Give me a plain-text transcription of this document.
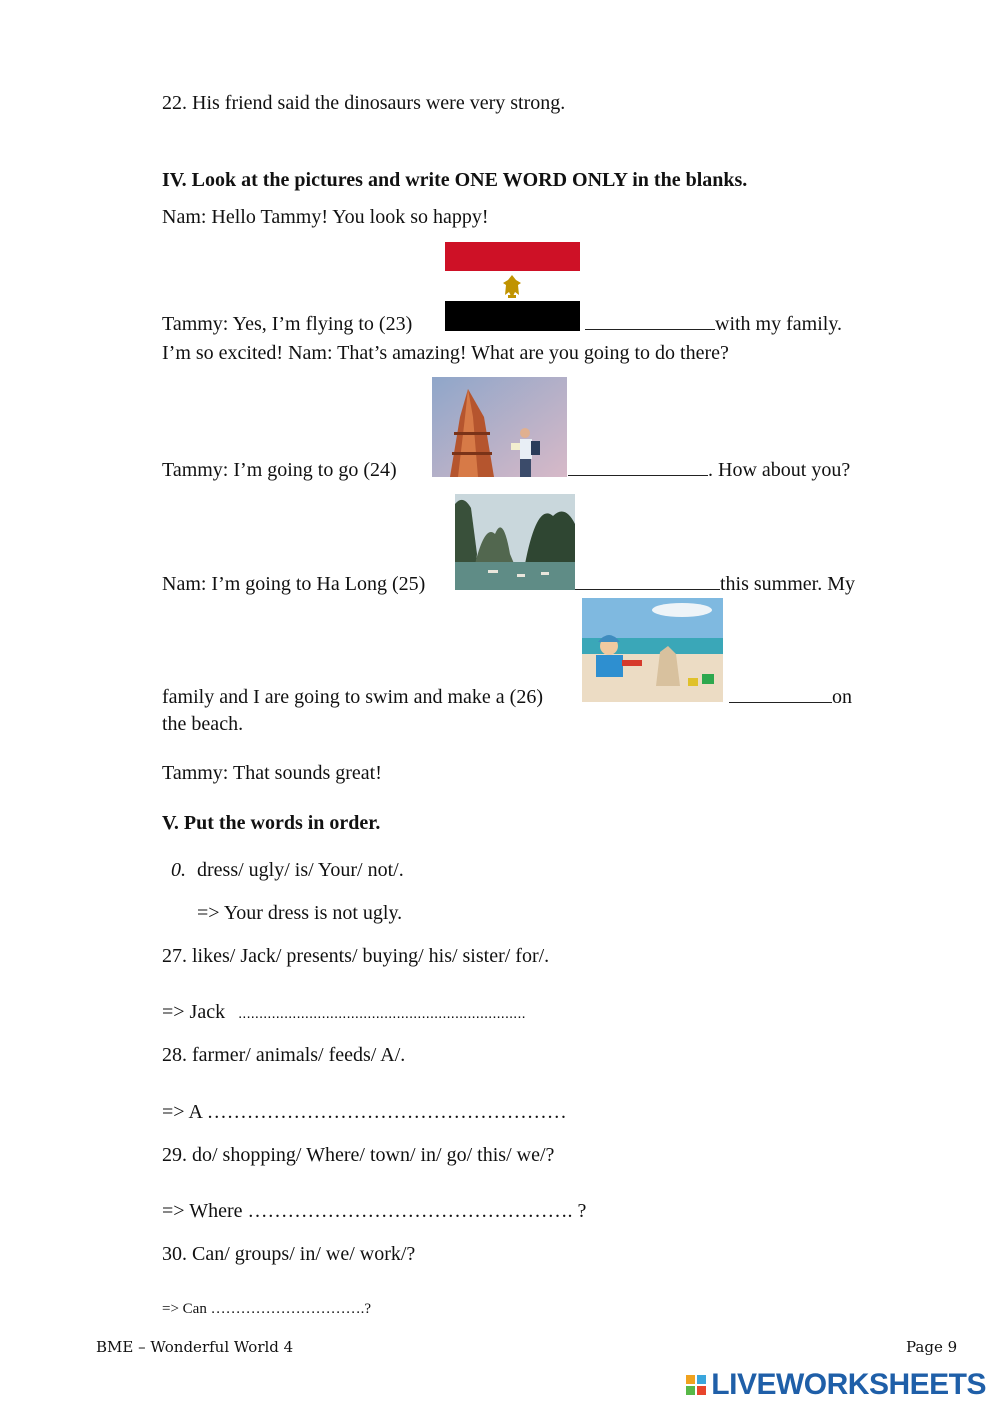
22. His friend said the dinosaurs were very strong.
IV. Look at the pictures and write ONE WORD ONLY in the blanks.
Nam: Hello Tammy! You look so happy!
Tammy: Yes, I’m flying to (23)	with my family.
I’m so excited! Nam: That’s amazing! What are you going to do there?
Tammy: I’m going to go (24)	. How about you?
Nam: I’m going to Ha Long (25)	this summer. My
family and I are going to swim and make a (26)	on
the beach.
Tammy: That sounds great!
V. Put the words in order.
0. dress/ ugly/ is/ Your/ not/.
=> Your dress is not ugly.
27. likes/ Jack/ presents/ buying/ his/ sister/ for/.
=> Jack .....................................................................
28. farmer/ animals/ feeds/ A/.
=> A ………………………………………………
29. do/ shopping/ Where/ town/ in/ go/ this/ we/?
=> Where …………………………………………. ?
30. Can/ groups/ in/ we/ work/?
=> Can ………………………….?
BME – Wonderful World 4	Page 9
LIVEWORKSHEETS
